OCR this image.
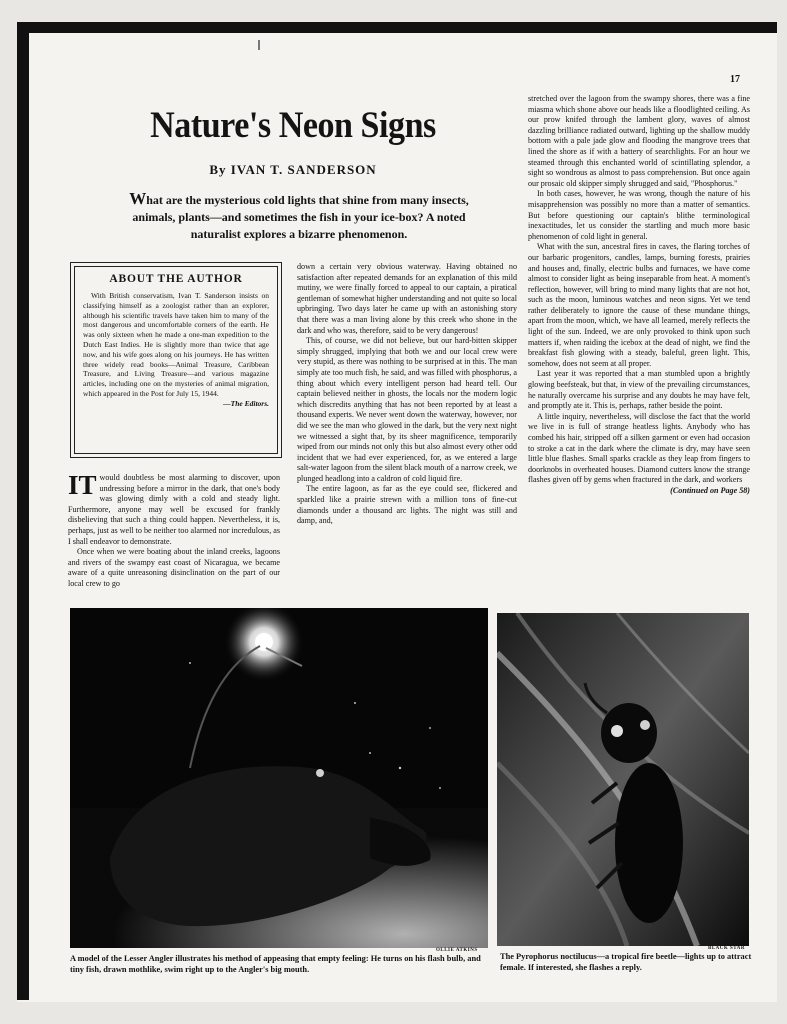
17
Nature's Neon Signs
By IVAN T. SANDERSON
What are the mysterious cold lights that shine from many insects, animals, plants—and sometimes the fish in your ice-box? A noted naturalist explores a bizarre phenomenon.
ABOUT THE AUTHOR
With British conservatism, Ivan T. Sanderson insists on classifying himself as a zoologist rather than an explorer, although his scientific travels have taken him to many of the most dangerous and uncomfortable corners of the earth. He was only sixteen when he made a one-man expedition to the Dutch East Indies. He is slightly more than twice that age now, and his wife goes along on his journeys. He has written three widely read books—Animal Treasure, Caribbean Treasure, and Living Treasure—and various magazine articles, including one on the mysteries of animal migration, which appeared in the Post for July 15, 1944.
—The Editors.

IT would doubtless be most alarming to discover, upon undressing before a mirror in the dark, that one's body was glowing dimly with a cold and steady light. Furthermore, anyone may well be excused for frankly disbelieving that such a thing could happen. Nevertheless, it is, perhaps, just as well to be neither too alarmed nor incredulous, as I shall endeavor to demonstrate.

Once when we were boating about the inland creeks, lagoons and rivers of the swampy east coast of Nicaragua, we became aware of a quite unreasoning disinclination on the part of our local crew to go

down a certain very obvious waterway. Having obtained no satisfaction after repeated demands for an explanation of this mild mutiny, we were finally forced to appeal to our captain, a piratical gentleman of somewhat higher understanding and not quite so local upbringing. Two days later he came up with an astonishing story that there was a man living alone by this creek who shone in the dark and who was, therefore, said to be very dangerous!

This, of course, we did not believe, but our hard-bitten skipper simply shrugged, implying that both we and our local crew were very stupid, as there was nothing to be surprised at in this. The man simply ate too much fish, he said, and was filled with phosphorus, a thing about which every intelligent person had heard tell. Our captain believed neither in ghosts, the locals nor the modern logic which discredits anything that has not been reported by at least a thousand experts. We never went down the waterway, however, nor did we see the man who glowed in the dark, but the very next night we witnessed a sight that, by its sheer magnificence, temporarily wiped from our minds not only this but also almost every other odd incident that we had ever experienced, for, as we entered a large salt-water lagoon from the silent black mouth of a narrow creek, we plunged headlong into a caldron of cold liquid fire.

The entire lagoon, as far as the eye could see, flickered and sparkled like a prairie strewn with a million tons of fine-cut diamonds under a thousand arc lights. The night was still and damp, and,

stretched over the lagoon from the swampy shores, there was a fine miasma which shone above our heads like a floodlighted ceiling. As our prow knifed through the lambent glory, waves of almost dazzling brilliance radiated outward, lighting up the shallow muddy bottom with a pale jade glow and flooding the mangrove trees that lined the shore as if with a battery of searchlights. For an hour we steamed through this enchanted world of scintillating splendor, a sight so wondrous as almost to pass comprehension. But once again our prosaic old skipper simply shrugged and said, "Phosphorus."

In both cases, however, he was wrong, though the nature of his misapprehension was possibly no more than a matter of semantics. But before questioning our captain's blithe terminological inexactitudes, let us consider the startling and much more basic phenomenon of cold light in general.

What with the sun, ancestral fires in caves, the flaring torches of our barbaric progenitors, candles, lamps, burning forests, prairies and houses and, finally, electric bulbs and furnaces, we have come almost to consider light as being inseparable from heat. A moment's reflection, however, will bring to mind many lights that are not hot, such as the moon, luminous watches and neon signs. Yet we tend rather deliberately to ignore the cause of these mundane things, apart from the moon, which, we have all learned, merely reflects the light of the sun. Indeed, we are only provoked to think upon such matters if, when raiding the icebox at the dead of night, we find the breakfast fish glowing with a steady, baleful, green light. This, somehow, does not seem at all proper.

Last year it was reported that a man stumbled upon a brightly glowing beefsteak, but that, in view of the prevailing circumstances, he naturally overcame his surprise and any doubts he may have felt, and promptly ate it. This is, perhaps, rather beside the point.

A little inquiry, nevertheless, will disclose the fact that the world we live in is full of strange heatless lights. Anybody who has combed his hair, stripped off a silken garment or even had occasion to stroke a cat in the dark where the climate is dry, may have seen little blue flashes. Small sparks crackle as they leap from fingers to doorknobs in overheated houses. Diamond cutters know the strange flashes given off by gems when fractured in the dark, and workers
(Continued on Page 58)

OLLIE ATKINS
A model of the Lesser Angler illustrates his method of appeasing that empty feeling: He turns on his flash bulb, and tiny fish, drawn mothlike, swim right up to the Angler's big mouth.
BLACK STAR
The Pyrophorus noctilucus—a tropical fire beetle—lights up to attract female. If interested, she flashes a reply.
